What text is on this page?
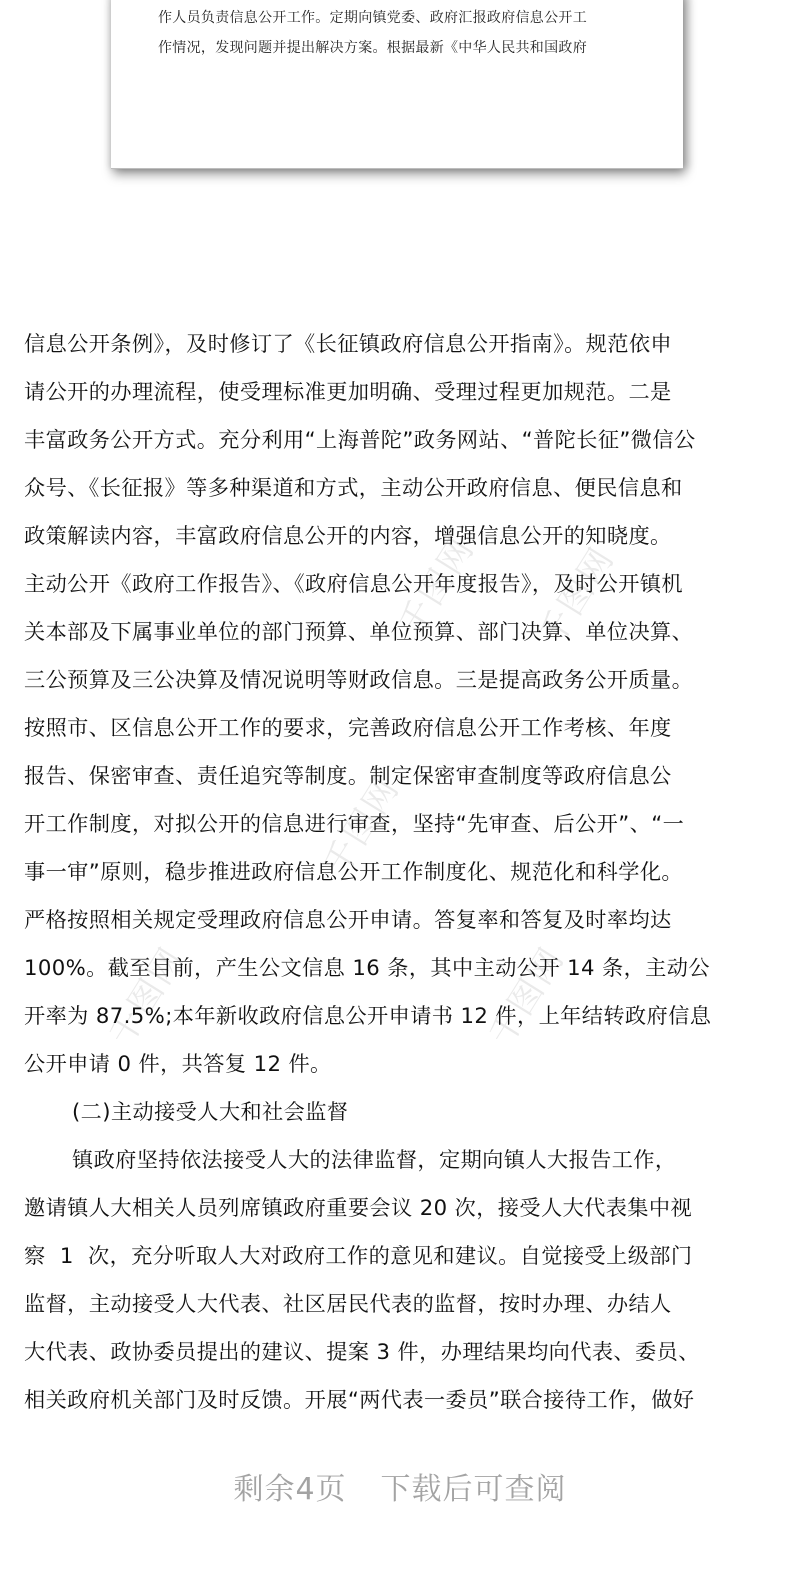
作人员负责信息公开工作。定期向镇党委、政府汇报政府信息公开工
作情况，发现问题并提出解决方案。根据最新《中华人民共和国政府
千图网 千图网
千图网
千图网	千图网
信息公开条例》，及时修订了《长征镇政府信息公开指南》。规范依申
请公开的办理流程，使受理标准更加明确、受理过程更加规范。二是
丰富政务公开方式。充分利用“上海普陀”政务网站、“普陀长征”微信公
众号、《长征报》等多种渠道和方式，主动公开政府信息、便民信息和
政策解读内容，丰富政府信息公开的内容，增强信息公开的知晓度。
主动公开《政府工作报告》、《政府信息公开年度报告》，及时公开镇机
关本部及下属事业单位的部门预算、单位预算、部门决算、单位决算、
三公预算及三公决算及情况说明等财政信息。三是提高政务公开质量。
按照市、区信息公开工作的要求，完善政府信息公开工作考核、年度
报告、保密审查、责任追究等制度。制定保密审查制度等政府信息公
开工作制度，对拟公开的信息进行审查，坚持“先审查、后公开”、“一
事一审”原则，稳步推进政府信息公开工作制度化、规范化和科学化。
严格按照相关规定受理政府信息公开申请。答复率和答复及时率均达
100%。截至目前，产生公文信息 16 条，其中主动公开 14 条，主动公
开率为 87.5%;本年新收政府信息公开申请书 12 件，上年结转政府信息
公开申请 0 件，共答复 12 件。
(二)主动接受人大和社会监督
镇政府坚持依法接受人大的法律监督，定期向镇人大报告工作，
邀请镇人大相关人员列席镇政府重要会议 20 次，接受人大代表集中视
察  1  次，充分听取人大对政府工作的意见和建议。自觉接受上级部门
监督，主动接受人大代表、社区居民代表的监督，按时办理、办结人
大代表、政协委员提出的建议、提案 3 件，办理结果均向代表、委员、
相关政府机关部门及时反馈。开展“两代表一委员”联合接待工作，做好
剩余4页 下载后可查阅
